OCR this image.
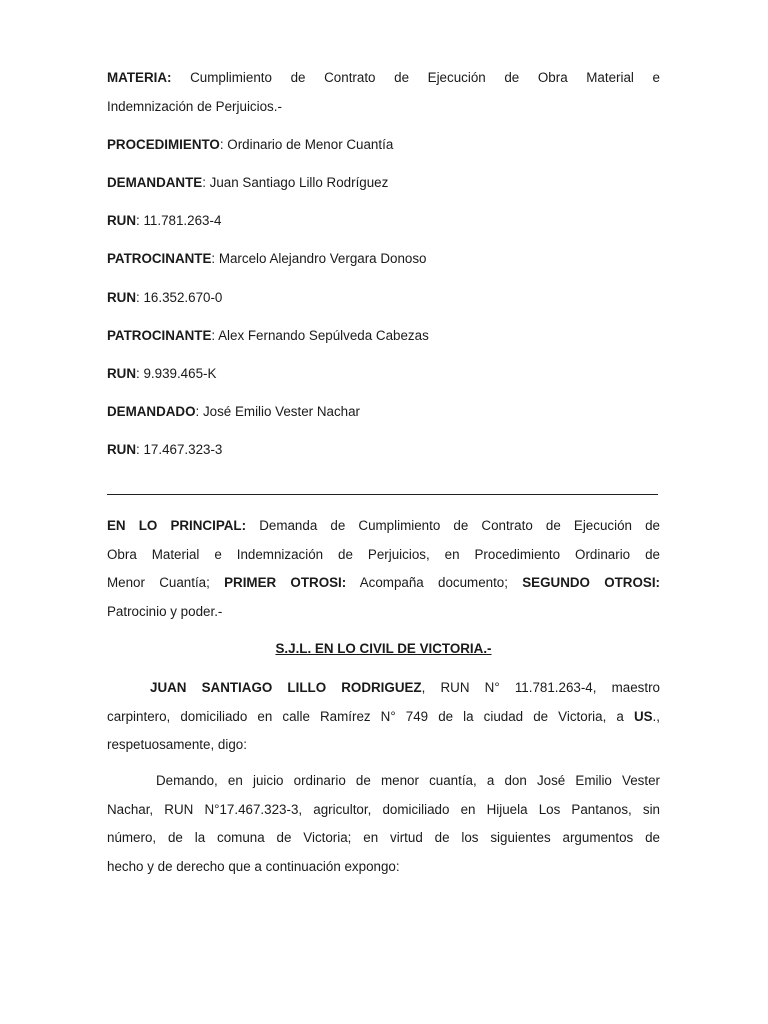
MATERIA: Cumplimiento de Contrato de Ejecución de Obra Material e
Indemnización de Perjuicios.-
PROCEDIMIENTO: Ordinario de Menor Cuantía
DEMANDANTE: Juan Santiago Lillo Rodríguez
RUN: 11.781.263-4
PATROCINANTE: Marcelo Alejandro Vergara Donoso
RUN: 16.352.670-0
PATROCINANTE: Alex Fernando Sepúlveda Cabezas
RUN: 9.939.465-K
DEMANDADO: José Emilio Vester Nachar
RUN: 17.467.323-3
EN LO PRINCIPAL: Demanda de Cumplimiento de Contrato de Ejecución de
Obra Material e Indemnización de Perjuicios, en Procedimiento Ordinario de
Menor Cuantía; PRIMER OTROSI: Acompaña documento; SEGUNDO OTROSI:
Patrocinio y poder.-
S.J.L. EN LO CIVIL DE VICTORIA.-
JUAN SANTIAGO LILLO RODRIGUEZ, RUN N° 11.781.263-4, maestro
carpintero, domiciliado en calle Ramírez N° 749 de la ciudad de Victoria, a US.,
respetuosamente, digo:
Demando, en juicio ordinario de menor cuantía, a don José Emilio Vester
Nachar, RUN N°17.467.323-3, agricultor, domiciliado en Hijuela Los Pantanos, sin
número, de la comuna de Victoria; en virtud de los siguientes argumentos de
hecho y de derecho que a continuación expongo:
